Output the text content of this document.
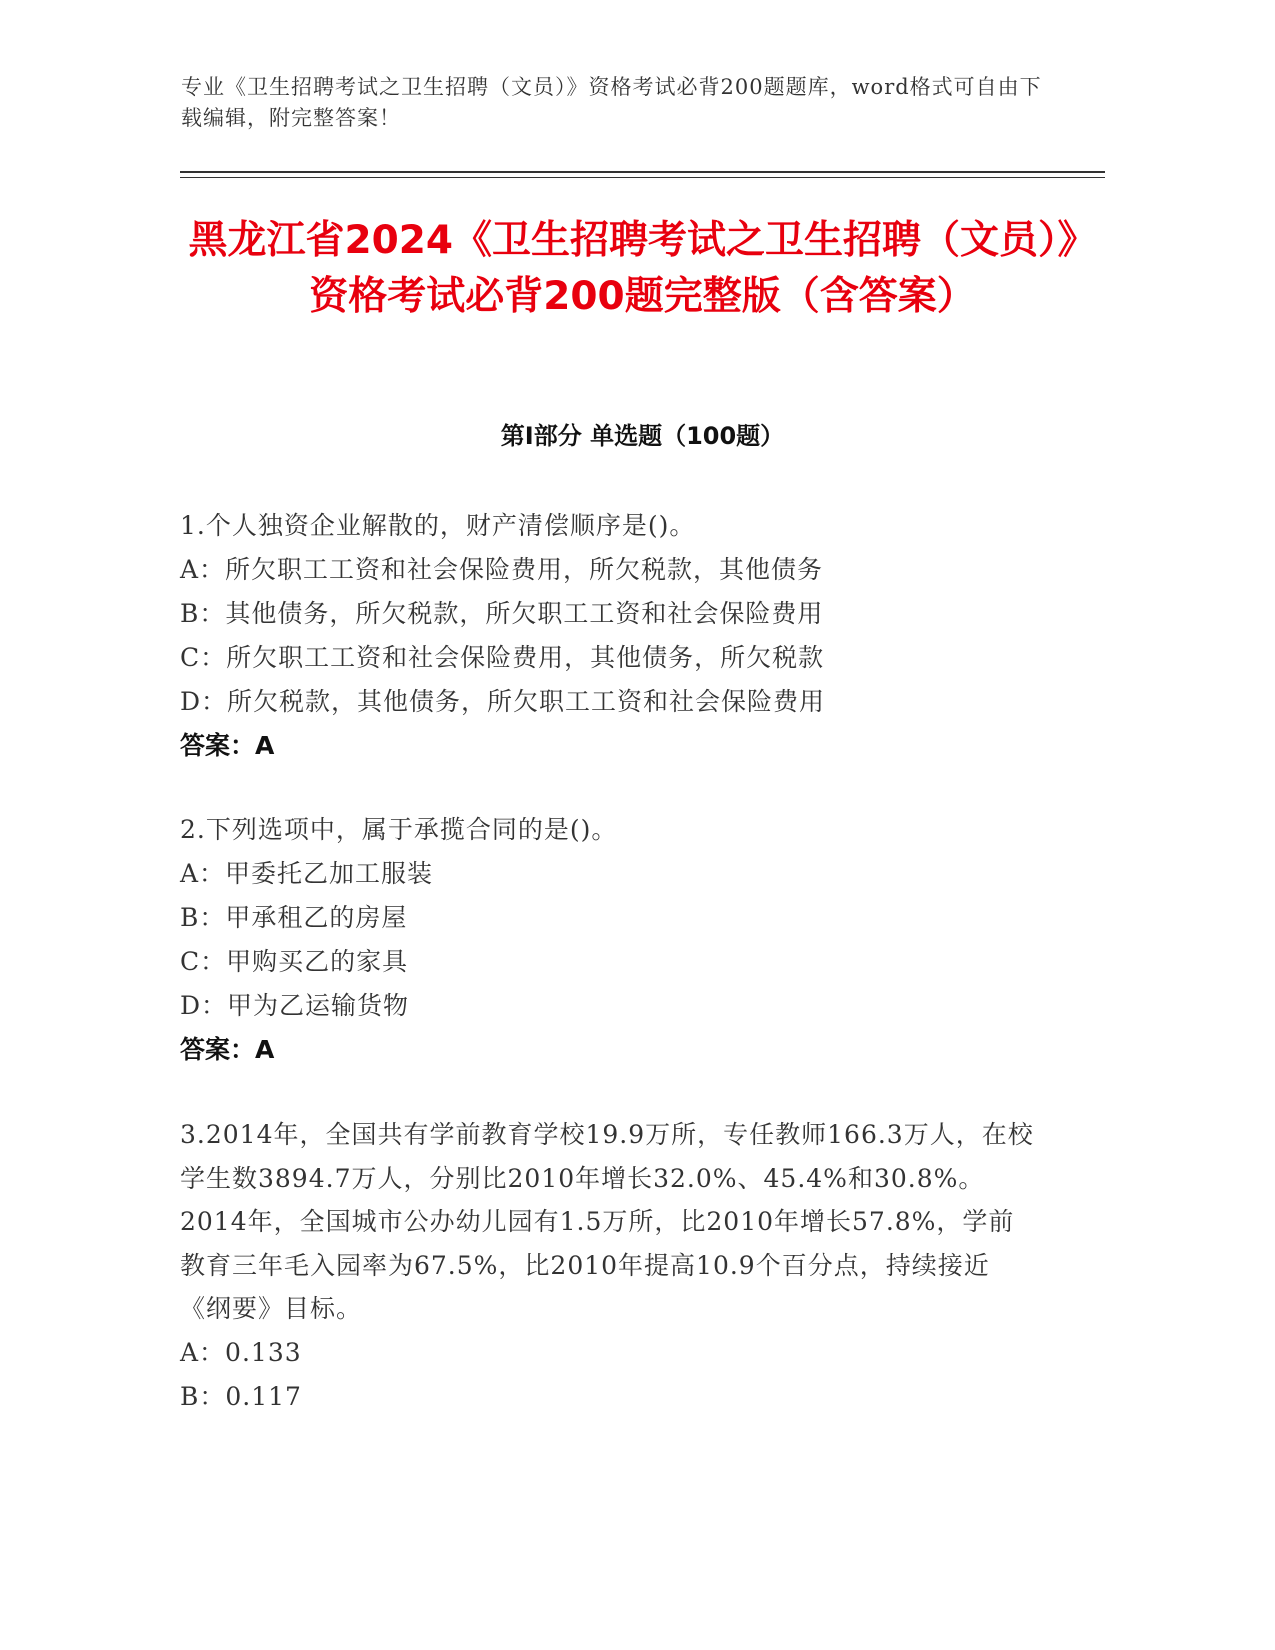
专业《卫生招聘考试之卫生招聘（文员）》资格考试必背200题题库，word格式可自由下载编辑，附完整答案！
黑龙江省2024《卫生招聘考试之卫生招聘（文员）》资格考试必背200题完整版（含答案）
第I部分 单选题（100题）
1.个人独资企业解散的，财产清偿顺序是()。
A：所欠职工工资和社会保险费用，所欠税款，其他债务
B：其他债务，所欠税款，所欠职工工资和社会保险费用
C：所欠职工工资和社会保险费用，其他债务，所欠税款
D：所欠税款，其他债务，所欠职工工资和社会保险费用
答案：A
2.下列选项中，属于承揽合同的是()。
A：甲委托乙加工服装
B：甲承租乙的房屋
C：甲购买乙的家具
D：甲为乙运输货物
答案：A
3.2014年，全国共有学前教育学校19.9万所，专任教师166.3万人，在校学生数3894.7万人，分别比2010年增长32.0%、45.4%和30.8%。2014年，全国城市公办幼儿园有1.5万所，比2010年增长57.8%，学前教育三年毛入园率为67.5%，比2010年提高10.9个百分点，持续接近《纲要》目标。
A：0.133
B：0.117
